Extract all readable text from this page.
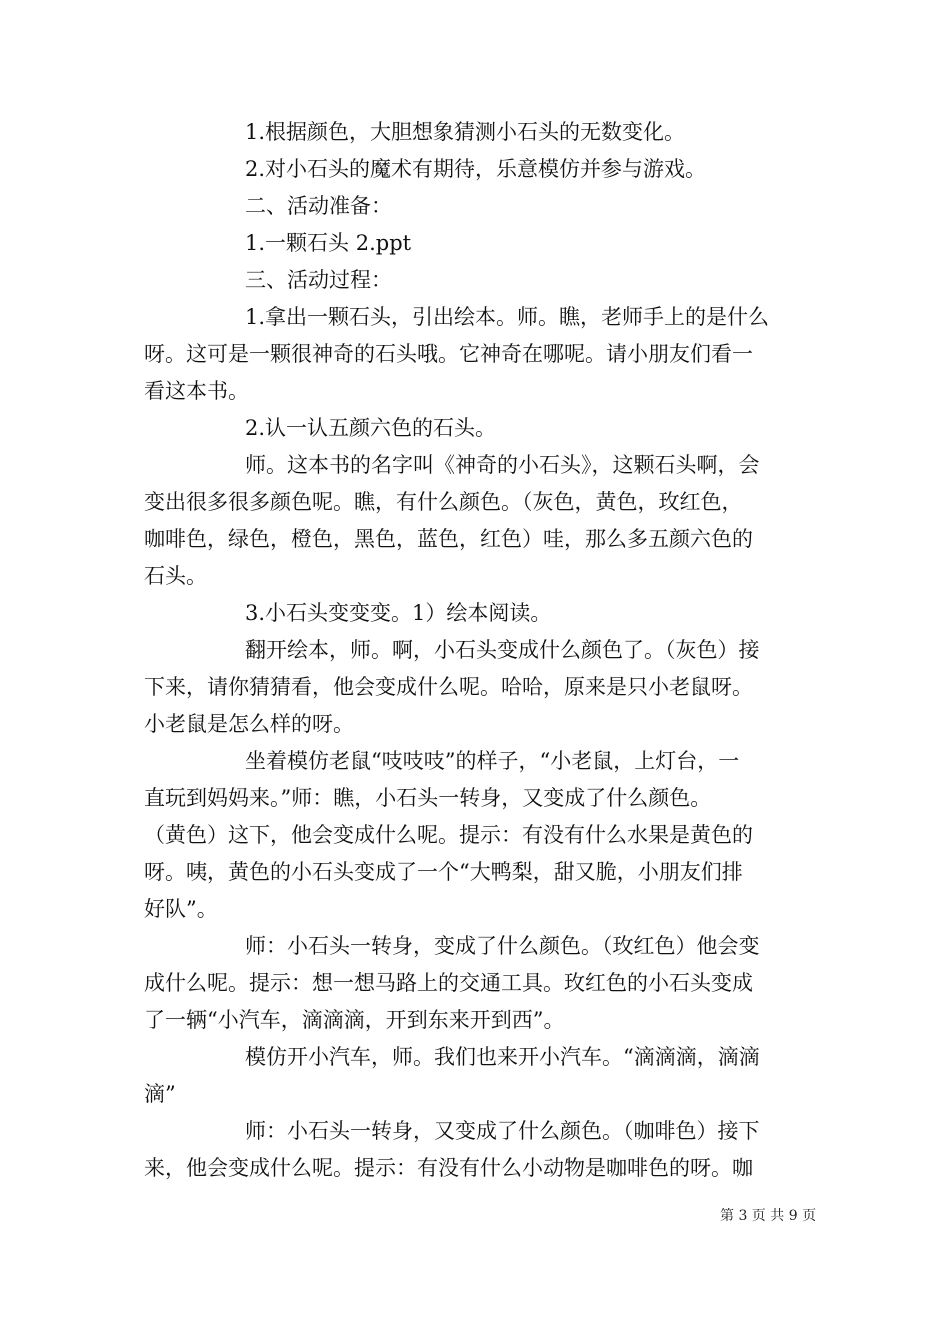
1.根据颜色，大胆想象猜测小石头的无数变化。

2.对小石头的魔术有期待，乐意模仿并参与游戏。

二、活动准备：

1.一颗石头 2.ppt

三、活动过程：

1.拿出一颗石头，引出绘本。师。瞧，老师手上的是什么

呀。这可是一颗很神奇的石头哦。它神奇在哪呢。请小朋友们看一

看这本书。

2.认一认五颜六色的石头。

师。这本书的名字叫《神奇的小石头》，这颗石头啊，会

变出很多很多颜色呢。瞧，有什么颜色。（灰色，黄色，玫红色，

咖啡色，绿色，橙色，黑色，蓝色，红色）哇，那么多五颜六色的

石头。

3.小石头变变变。1）绘本阅读。

翻开绘本，师。啊，小石头变成什么颜色了。（灰色）接

下来，请你猜猜看，他会变成什么呢。哈哈，原来是只小老鼠呀。

小老鼠是怎么样的呀。

坐着模仿老鼠“吱吱吱”的样子，“小老鼠，上灯台，一

直玩到妈妈来。”师：瞧，小石头一转身，又变成了什么颜色。

（黄色）这下，他会变成什么呢。提示：有没有什么水果是黄色的

呀。咦，黄色的小石头变成了一个“大鸭梨，甜又脆，小朋友们排

好队”。

师：小石头一转身，变成了什么颜色。（玫红色）他会变

成什么呢。提示：想一想马路上的交通工具。玫红色的小石头变成

了一辆“小汽车，滴滴滴，开到东来开到西”。

模仿开小汽车，师。我们也来开小汽车。“滴滴滴，滴滴

滴”

师：小石头一转身，又变成了什么颜色。（咖啡色）接下

来，他会变成什么呢。提示：有没有什么小动物是咖啡色的呀。咖

第 3 页 共 9 页
